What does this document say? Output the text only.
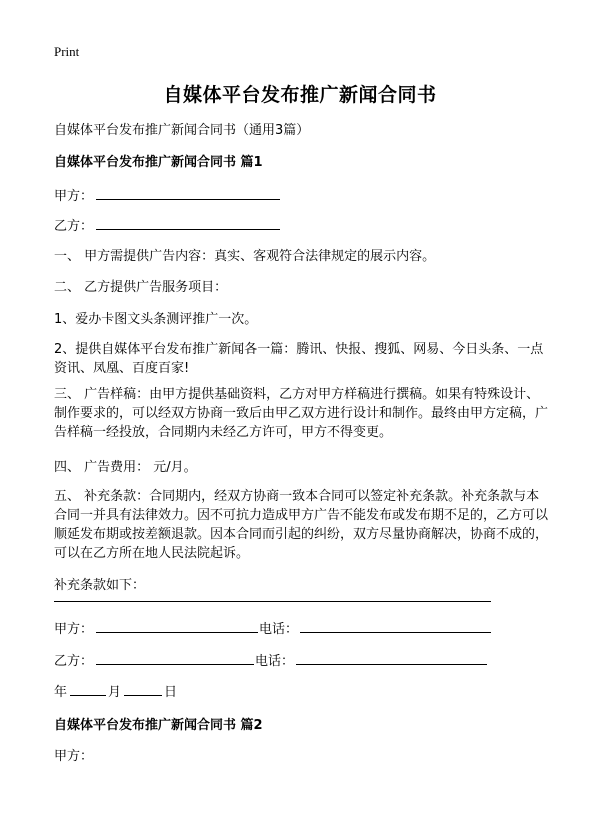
Print
自媒体平台发布推广新闻合同书
自媒体平台发布推广新闻合同书（通用3篇）
自媒体平台发布推广新闻合同书 篇1
甲方：
乙方：
一、 甲方需提供广告内容：真实、客观符合法律规定的展示内容。
二、 乙方提供广告服务项目：
1、爱办卡图文头条测评推广一次。
2、提供自媒体平台发布推广新闻各一篇：腾讯、快报、搜狐、网易、今日头条、一点资讯、凤凰、百度百家!
三、 广告样稿：由甲方提供基础资料，乙方对甲方样稿进行撰稿。如果有特殊设计、制作要求的，可以经双方协商一致后由甲乙双方进行设计和制作。最终由甲方定稿，广告样稿一经投放，合同期内未经乙方许可，甲方不得变更。
四、 广告费用： 元/月。
五、 补充条款：合同期内，经双方协商一致本合同可以签定补充条款。补充条款与本合同一并具有法律效力。因不可抗力造成甲方广告不能发布或发布期不足的，乙方可以顺延发布期或按差额退款。因本合同而引起的纠纷，双方尽量协商解决，协商不成的，可以在乙方所在地人民法院起诉。
补充条款如下：
甲方：	电话：
乙方：	电话：
年	月	日
自媒体平台发布推广新闻合同书 篇2
甲方：
